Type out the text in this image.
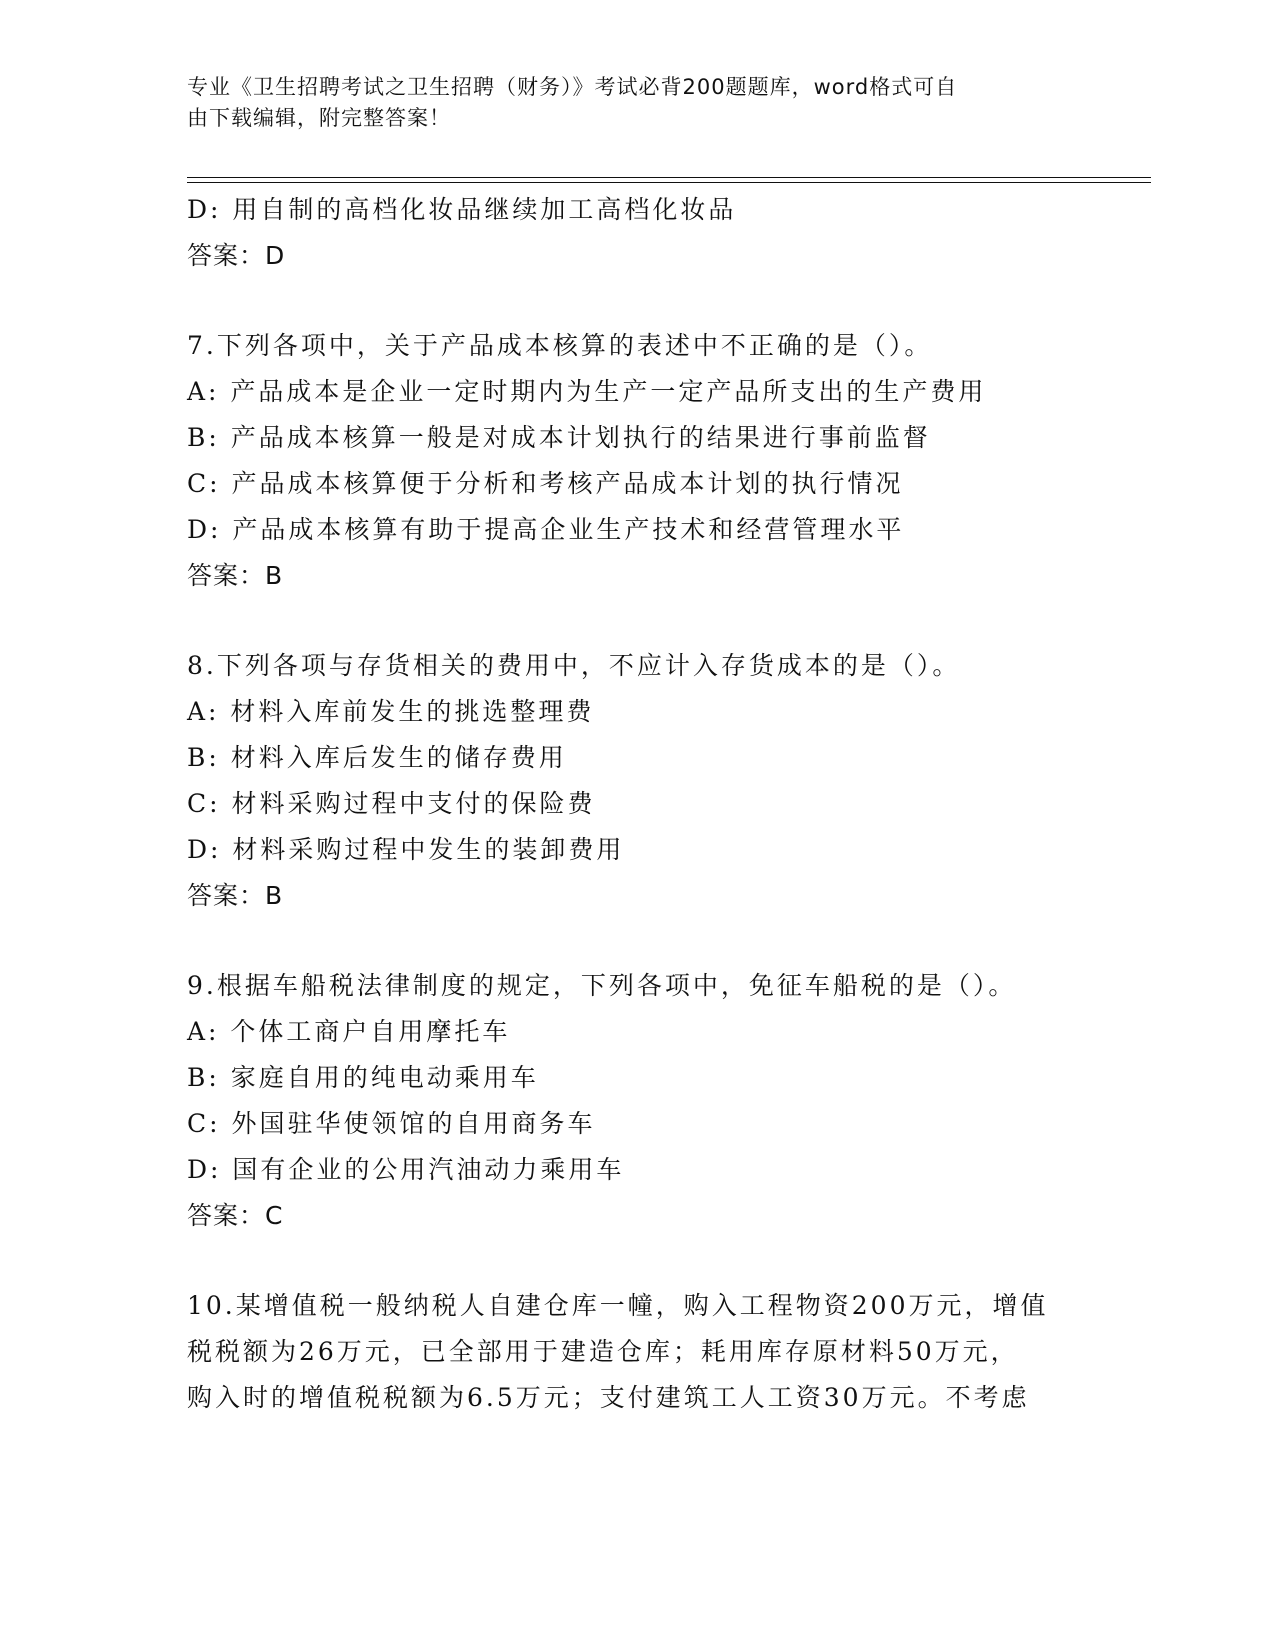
专业《卫生招聘考试之卫生招聘（财务）》考试必背200题题库，word格式可自
由下载编辑，附完整答案！
D: 用自制的高档化妆品继续加工高档化妆品
答案：D
7.下列各项中，关于产品成本核算的表述中不正确的是（）。
A: 产品成本是企业一定时期内为生产一定产品所支出的生产费用
B: 产品成本核算一般是对成本计划执行的结果进行事前监督
C: 产品成本核算便于分析和考核产品成本计划的执行情况
D: 产品成本核算有助于提高企业生产技术和经营管理水平
答案：B
8.下列各项与存货相关的费用中，不应计入存货成本的是（）。
A: 材料入库前发生的挑选整理费
B: 材料入库后发生的储存费用
C: 材料采购过程中支付的保险费
D: 材料采购过程中发生的装卸费用
答案：B
9.根据车船税法律制度的规定，下列各项中，免征车船税的是（）。
A: 个体工商户自用摩托车
B: 家庭自用的纯电动乘用车
C: 外国驻华使领馆的自用商务车
D: 国有企业的公用汽油动力乘用车
答案：C
10.某增值税一般纳税人自建仓库一幢，购入工程物资200万元，增值
税税额为26万元，已全部用于建造仓库；耗用库存原材料50万元，
购入时的增值税税额为6.5万元；支付建筑工人工资30万元。不考虑
